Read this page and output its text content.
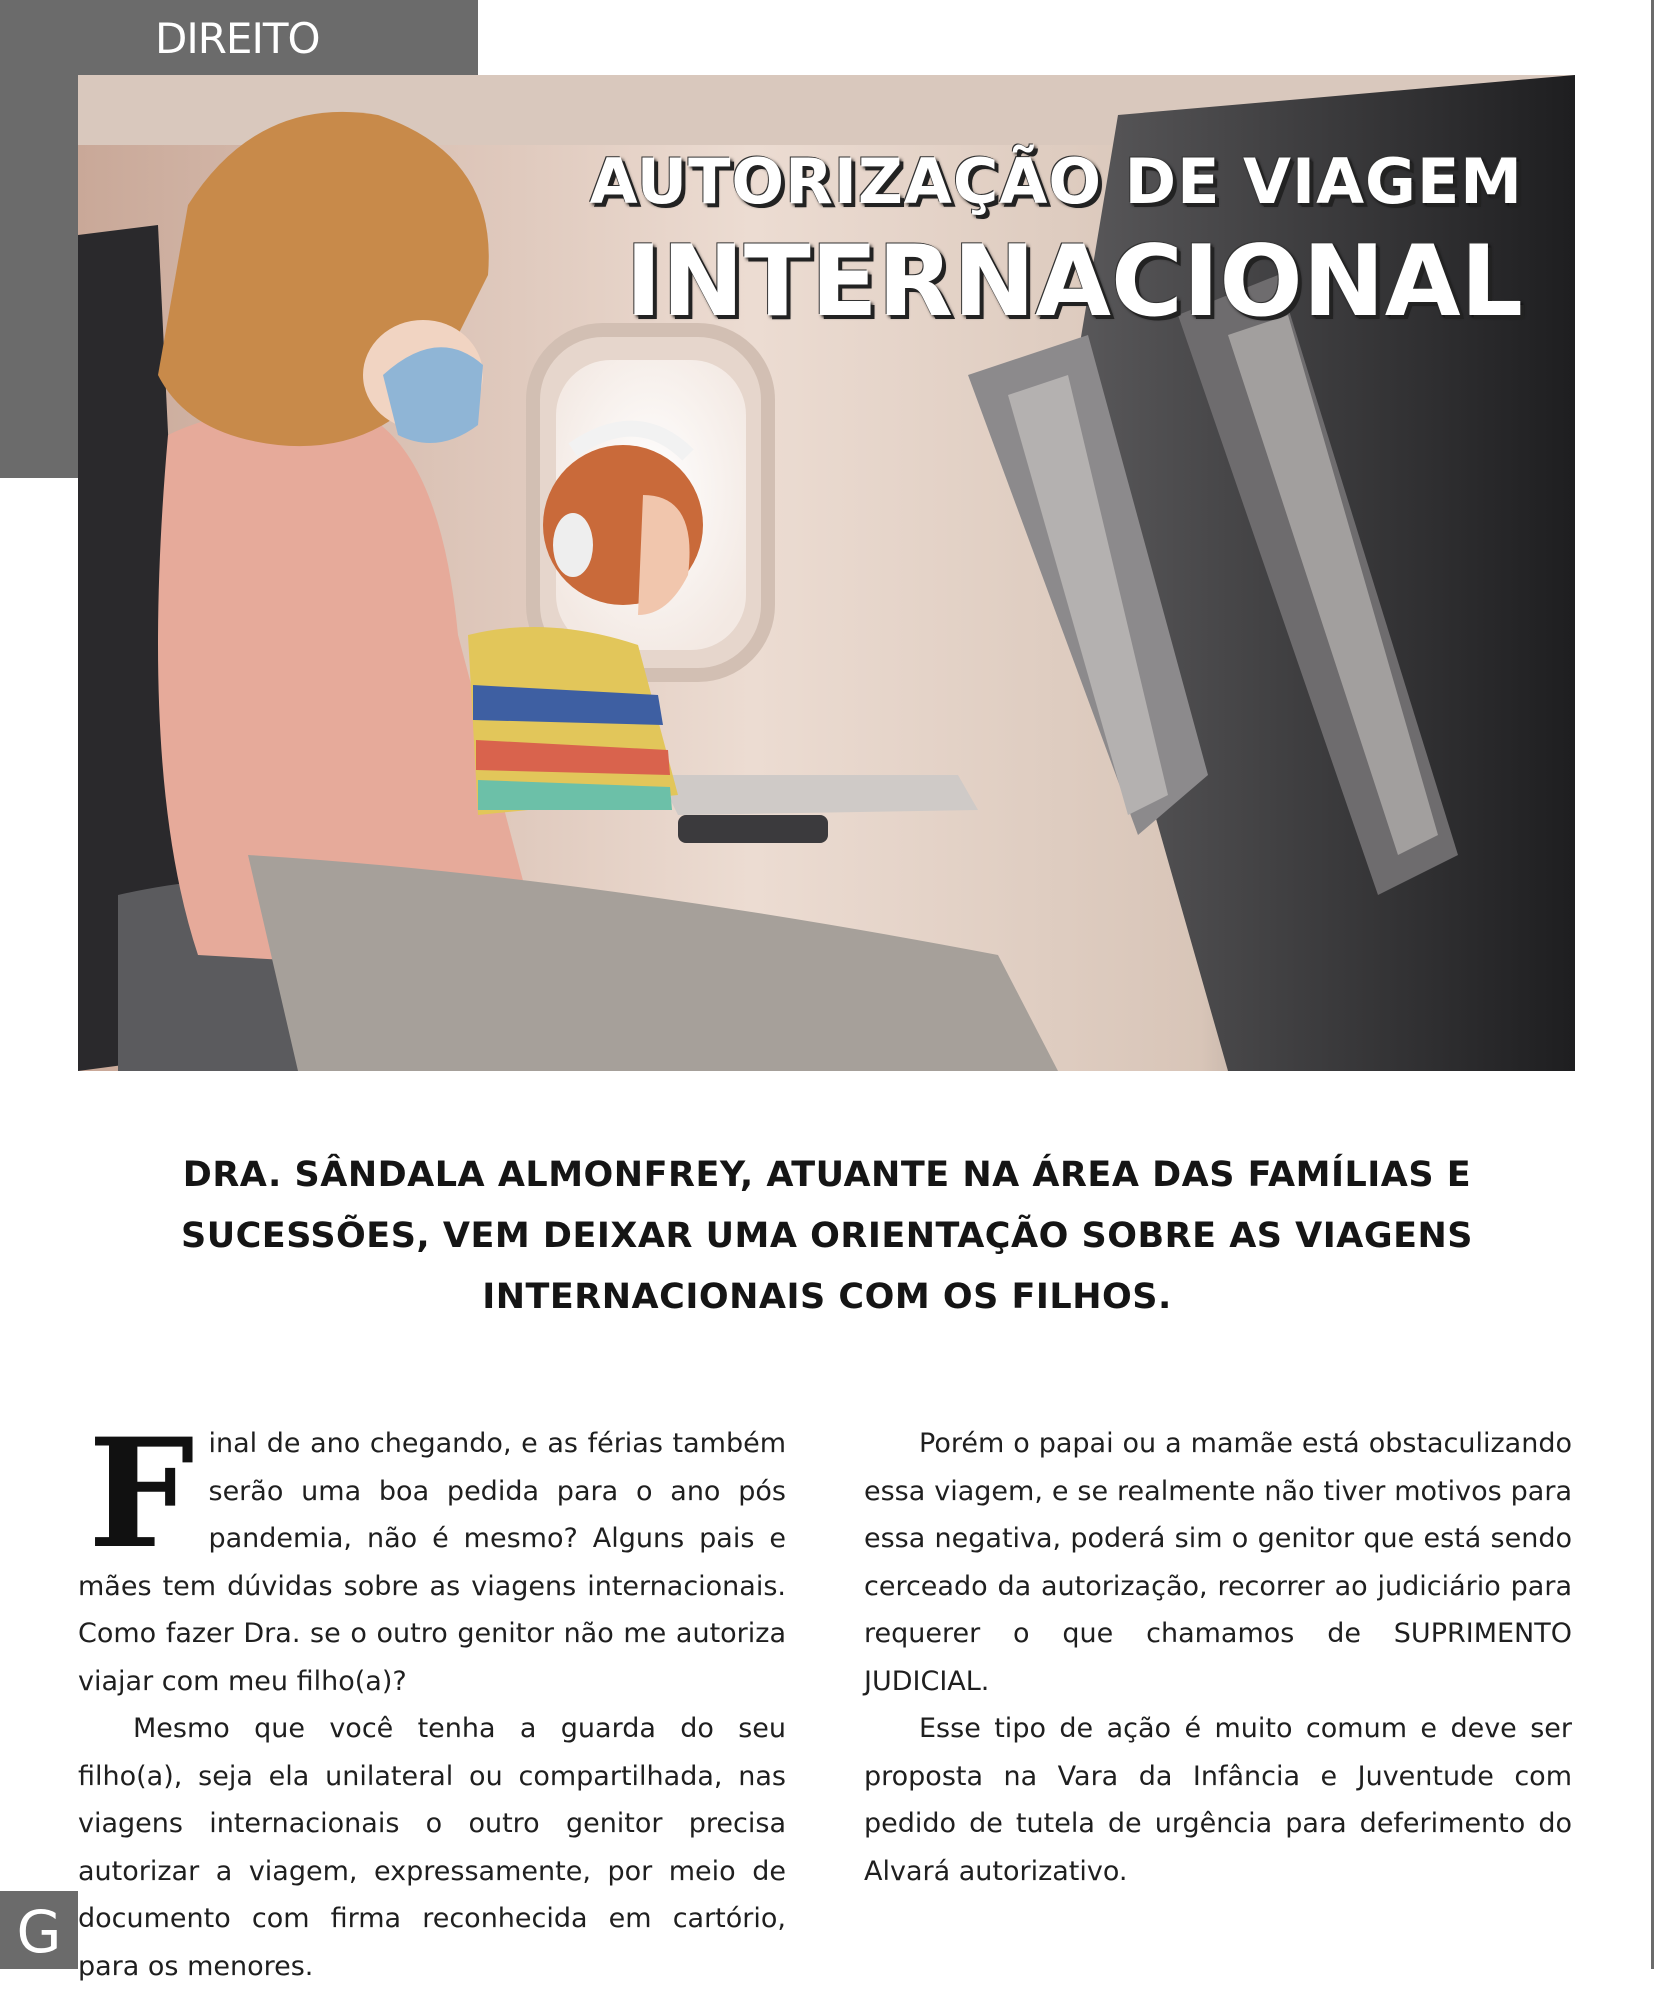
DIREITO
AUTORIZAÇÃO DE VIAGEM
INTERNACIONAL
DRA. SÂNDALA ALMONFREY, ATUANTE NA ÁREA DAS FAMÍLIAS E SUCESSÕES, VEM DEIXAR UMA ORIENTAÇÃO SOBRE AS VIAGENS INTERNACIONAIS COM OS FILHOS.

Final de ano chegando, e as férias também serão uma boa pedida para o ano pós pandemia, não é mesmo? Alguns pais e mães tem dúvidas sobre as viagens internacionais. Como fazer Dra. se o outro genitor não me autoriza viajar com meu filho(a)?

Mesmo que você tenha a guarda do seu filho(a), seja ela unilateral ou compartilhada, nas viagens internacionais o outro genitor precisa autorizar a viagem, expressamente, por meio de documento com firma reconhecida em cartório, para os menores.

Porém o papai ou a mamãe está obstaculizando essa viagem, e se realmente não tiver motivos para essa negativa, poderá sim o genitor que está sendo cerceado da autorização, recorrer ao judiciário para requerer o que chamamos de SUPRIMENTO JUDICIAL.

Esse tipo de ação é muito comum e deve ser proposta na Vara da Infância e Juventude com pedido de tutela de urgência para deferimento do Alvará autorizativo.

G
